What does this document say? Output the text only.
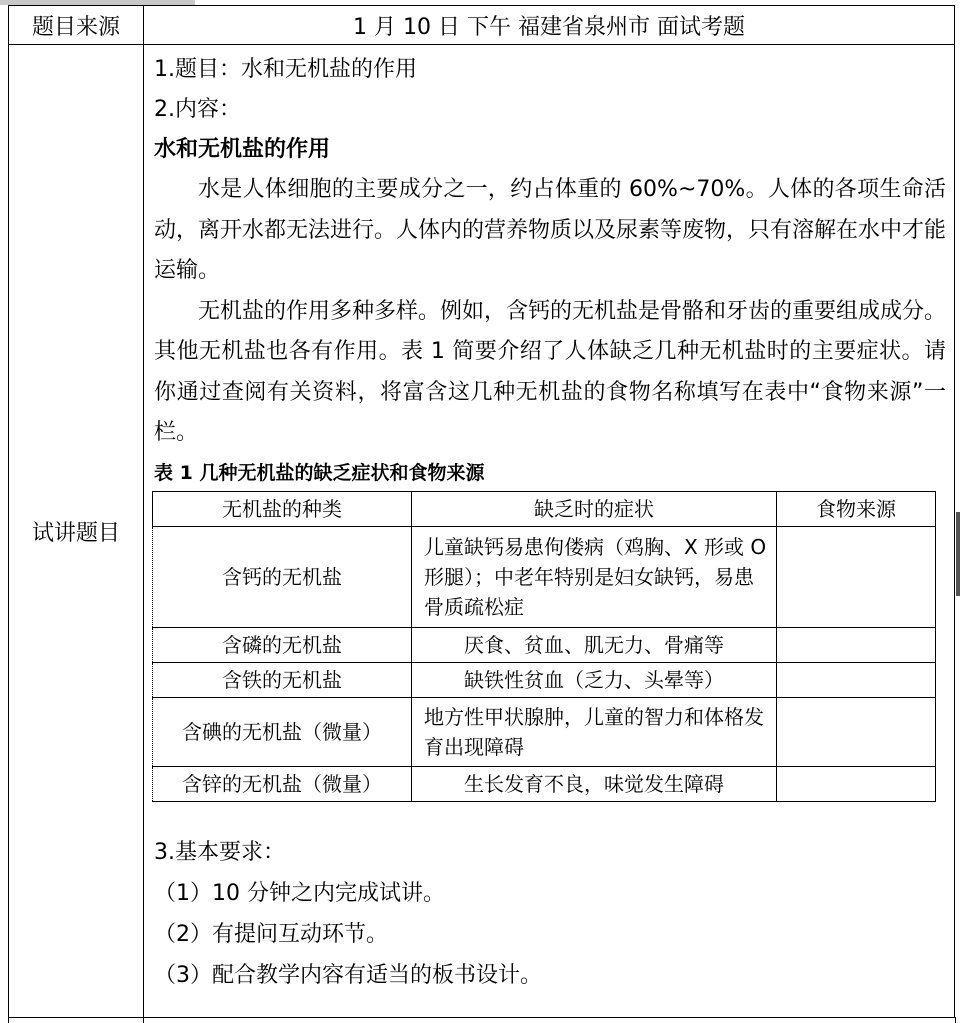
题目来源	1 月 10 日 下午 福建省泉州市 面试考题
试讲题目	
1.题目：水和无机盐的作用
2.内容：
水和无机盐的作用

水是人体细胞的主要成分之一，约占体重的 60%~70%。人体的各项生命活动，离开水都无法进行。人体内的营养物质以及尿素等废物，只有溶解在水中才能运输。

无机盐的作用多种多样。例如，含钙的无机盐是骨骼和牙齿的重要组成成分。其他无机盐也各有作用。表 1 简要介绍了人体缺乏几种无机盐时的主要症状。请你通过查阅有关资料，将富含这几种无机盐的食物名称填写在表中“食物来源”一栏。

表 1 几种无机盐的缺乏症状和食物来源
无机盐的种类	缺乏时的症状	食物来源
含钙的无机盐	儿童缺钙易患佝偻病（鸡胸、X 形或 O 形腿）；中老年特别是妇女缺钙，易患骨质疏松症	
含磷的无机盐	厌食、贫血、肌无力、骨痛等	
含铁的无机盐	缺铁性贫血（乏力、头晕等）	
含碘的无机盐（微量）	地方性甲状腺肿，儿童的智力和体格发育出现障碍	
含锌的无机盐（微量）	生长发育不良，味觉发生障碍	
3.基本要求：
（1）10 分钟之内完成试讲。
（2）有提问互动环节。
（3）配合教学内容有适当的板书设计。
